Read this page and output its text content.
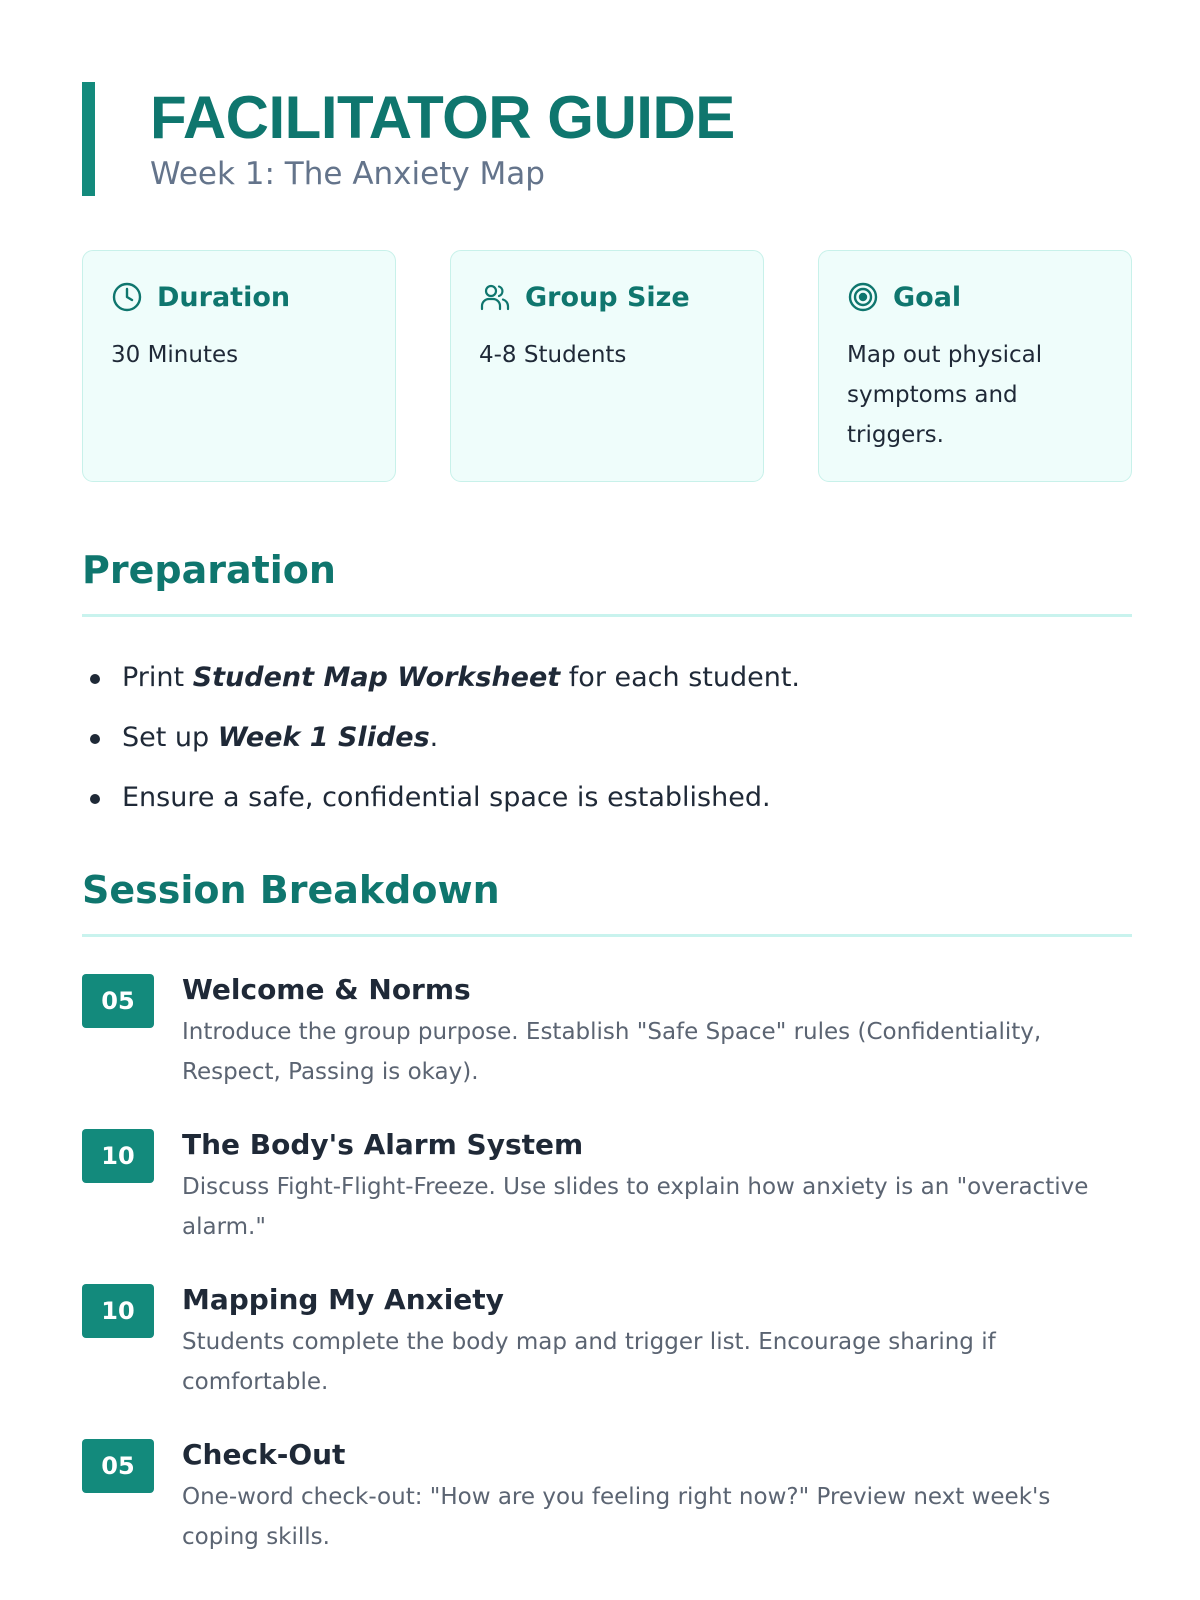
FACILITATOR GUIDE
Week 1: The Anxiety Map
Duration
30 Minutes
Group Size
4-8 Students
Goal
Map out physical symptoms and triggers.
Preparation
Print Student Map Worksheet for each student.
Set up Week 1 Slides.
Ensure a safe, confidential space is established.
Session Breakdown
05	Welcome & Norms
Introduce the group purpose. Establish "Safe Space" rules (Confidentiality, Respect, Passing is okay).
10	The Body's Alarm System
Discuss Fight-Flight-Freeze. Use slides to explain how anxiety is an "overactive alarm."
10	Mapping My Anxiety
Students complete the body map and trigger list. Encourage sharing if comfortable.
05	Check-Out
One-word check-out: "How are you feeling right now?" Preview next week's coping skills.
